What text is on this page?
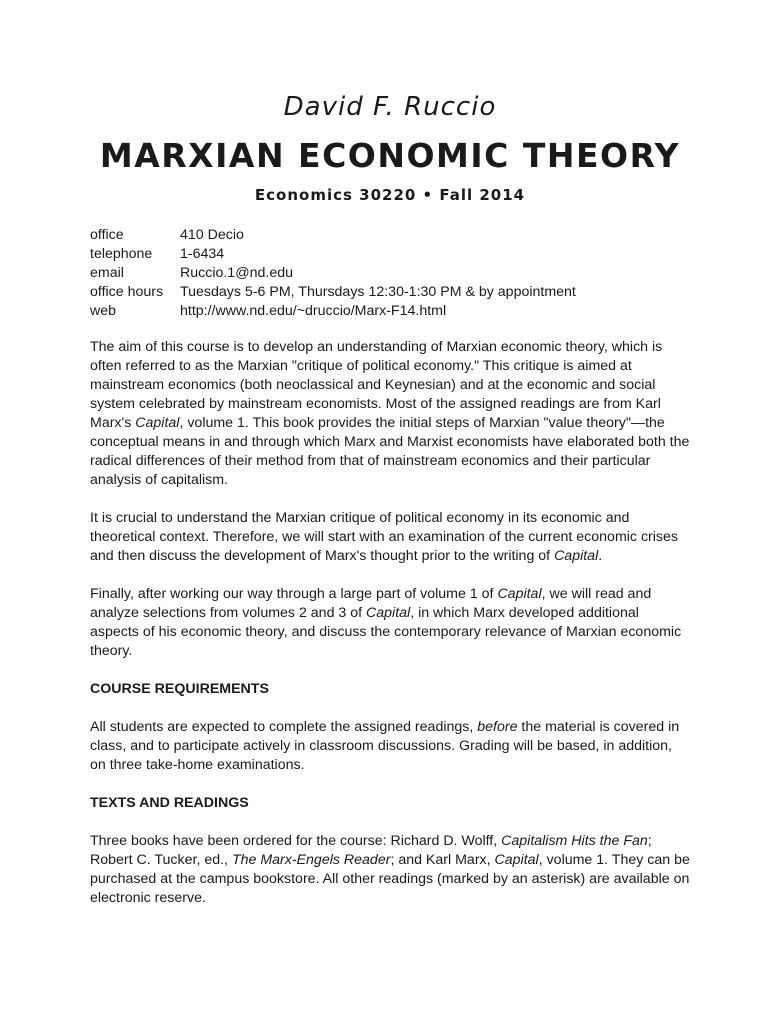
David F. Ruccio
MARXIAN ECONOMIC THEORY
Economics 30220 • Fall 2014
office	410 Decio
telephone	1-6434
email	Ruccio.1@nd.edu
office hours	Tuesdays 5-6 PM, Thursdays 12:30-1:30 PM & by appointment
web	http://www.nd.edu/~druccio/Marx-F14.html

The aim of this course is to develop an understanding of Marxian economic theory, which is often referred to as the Marxian "critique of political economy." This critique is aimed at mainstream economics (both neoclassical and Keynesian) and at the economic and social system celebrated by mainstream economists. Most of the assigned readings are from Karl Marx's Capital, volume 1. This book provides the initial steps of Marxian "value theory"—the conceptual means in and through which Marx and Marxist economists have elaborated both the radical differences of their method from that of mainstream economics and their particular analysis of capitalism.

It is crucial to understand the Marxian critique of political economy in its economic and theoretical context. Therefore, we will start with an examination of the current economic crises and then discuss the development of Marx's thought prior to the writing of Capital.

Finally, after working our way through a large part of volume 1 of Capital, we will read and analyze selections from volumes 2 and 3 of Capital, in which Marx developed additional aspects of his economic theory, and discuss the contemporary relevance of Marxian economic theory.

COURSE REQUIREMENTS

All students are expected to complete the assigned readings, before the material is covered in class, and to participate actively in classroom discussions. Grading will be based, in addition, on three take-home examinations.

TEXTS AND READINGS

Three books have been ordered for the course: Richard D. Wolff, Capitalism Hits the Fan; Robert C. Tucker, ed., The Marx-Engels Reader; and Karl Marx, Capital, volume 1. They can be purchased at the campus bookstore. All other readings (marked by an asterisk) are available on electronic reserve.
